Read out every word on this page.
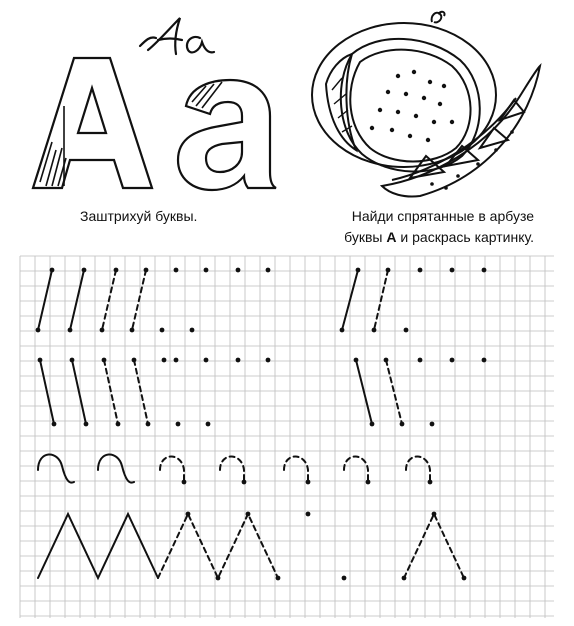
Заштрихуй буквы.	Найди спрятанные в арбузе
буквы А и раскрась картинку.
